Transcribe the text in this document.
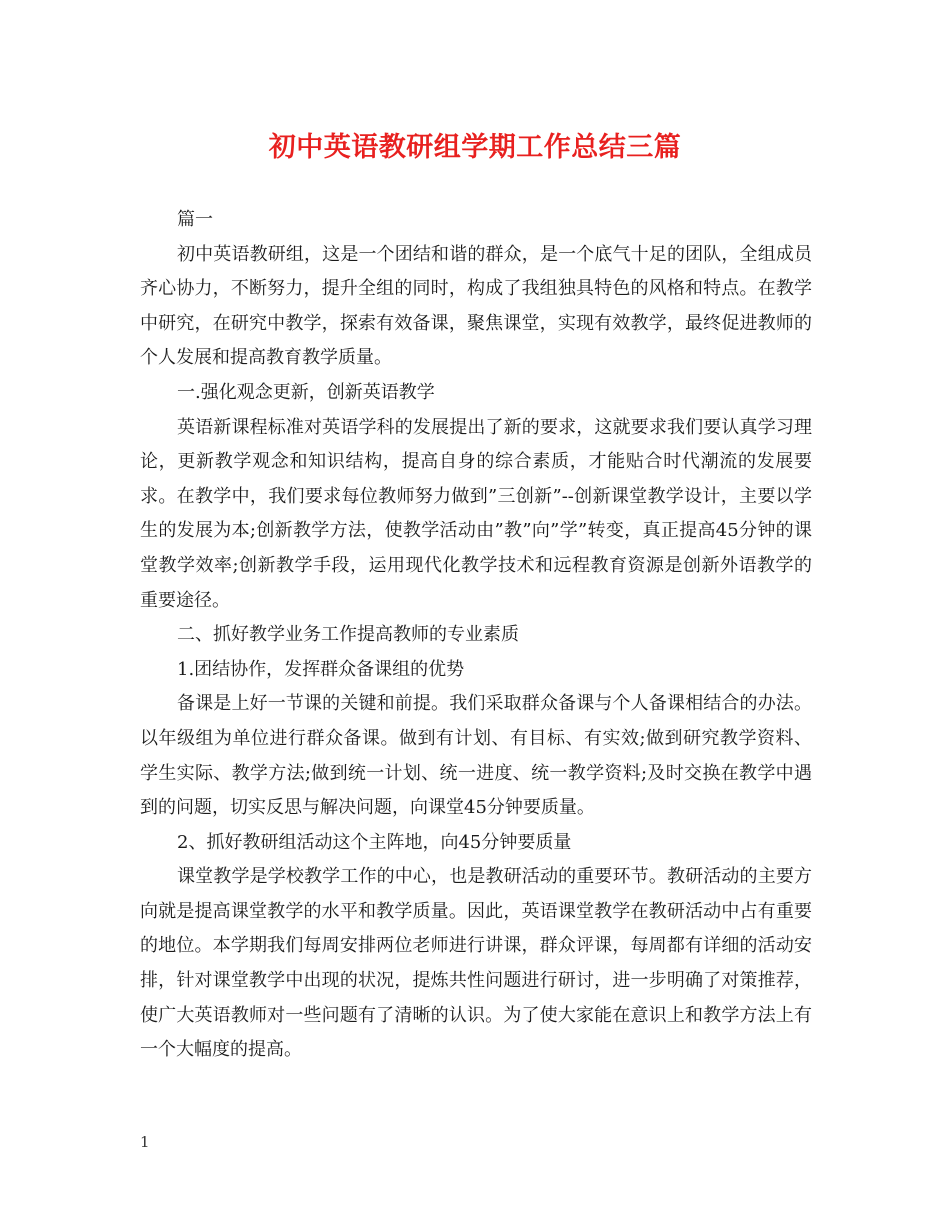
初中英语教研组学期工作总结三篇

篇一

初中英语教研组，这是一个团结和谐的群众，是一个底气十足的团队，全组成员齐心协力，不断努力，提升全组的同时，构成了我组独具特色的风格和特点。在教学中研究，在研究中教学，探索有效备课，聚焦课堂，实现有效教学，最终促进教师的个人发展和提高教育教学质量。

一.强化观念更新，创新英语教学

英语新课程标准对英语学科的发展提出了新的要求，这就要求我们要认真学习理论，更新教学观念和知识结构，提高自身的综合素质，才能贴合时代潮流的发展要求。在教学中，我们要求每位教师努力做到”三创新”--创新课堂教学设计，主要以学生的发展为本;创新教学方法，使教学活动由”教”向”学”转变，真正提高45分钟的课堂教学效率;创新教学手段，运用现代化教学技术和远程教育资源是创新外语教学的重要途径。

二、抓好教学业务工作提高教师的专业素质

1.团结协作，发挥群众备课组的优势

备课是上好一节课的关键和前提。我们采取群众备课与个人备课相结合的办法。以年级组为单位进行群众备课。做到有计划、有目标、有实效;做到研究教学资料、学生实际、教学方法;做到统一计划、统一进度、统一教学资料;及时交换在教学中遇到的问题，切实反思与解决问题，向课堂45分钟要质量。

2、抓好教研组活动这个主阵地，向45分钟要质量

课堂教学是学校教学工作的中心，也是教研活动的重要环节。教研活动的主要方向就是提高课堂教学的水平和教学质量。因此，英语课堂教学在教研活动中占有重要的地位。本学期我们每周安排两位老师进行讲课，群众评课，每周都有详细的活动安排，针对课堂教学中出现的状况，提炼共性问题进行研讨，进一步明确了对策推荐，使广大英语教师对一些问题有了清晰的认识。为了使大家能在意识上和教学方法上有一个大幅度的提高。

1
